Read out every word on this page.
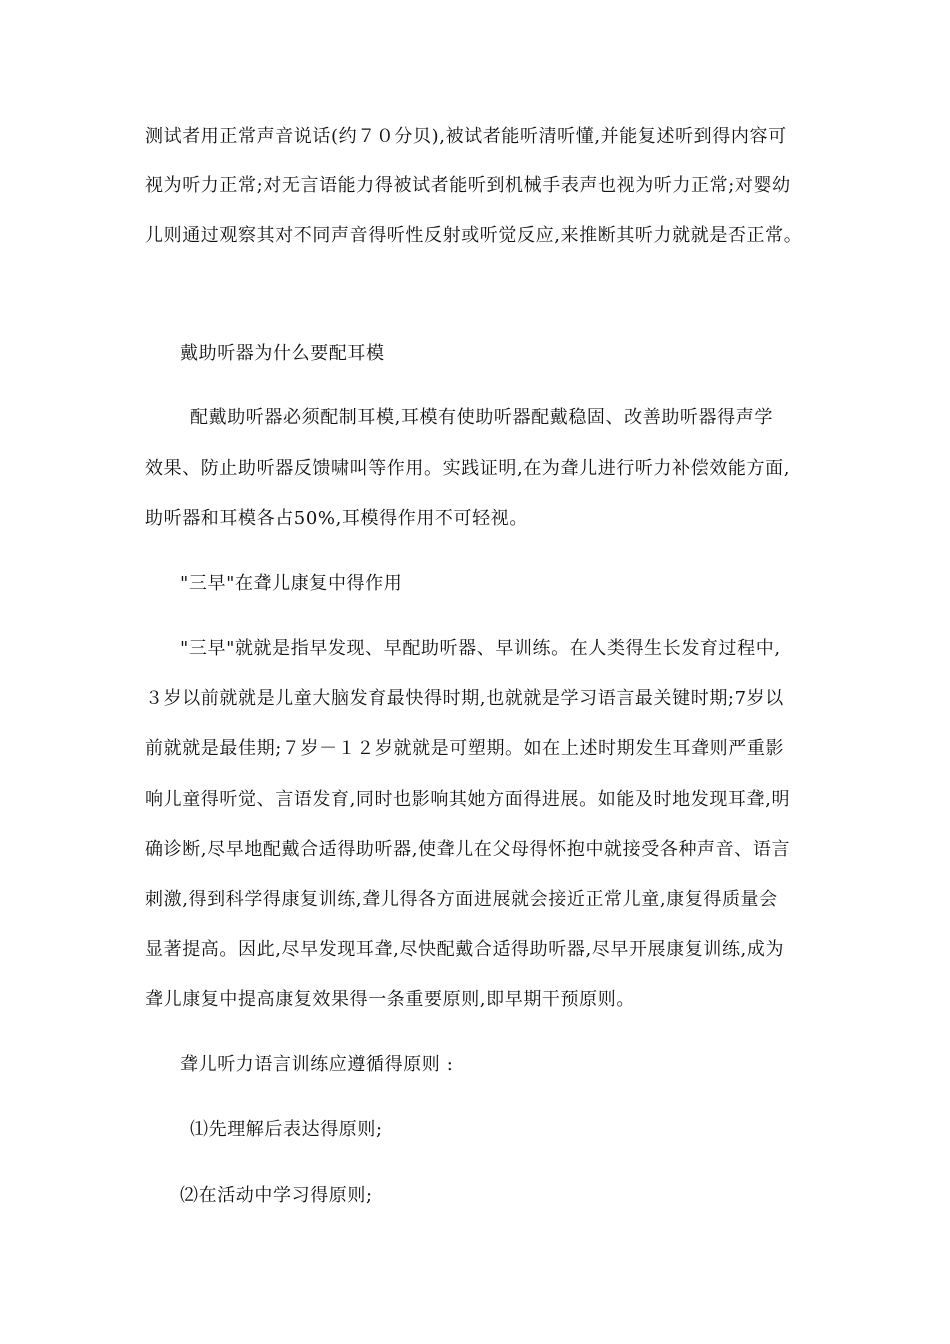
测试者用正常声音说话(约７０分贝),被试者能听清听懂,并能复述听到得内容可
视为听力正常;对无言语能力得被试者能听到机械手表声也视为听力正常;对婴幼
儿则通过观察其对不同声音得听性反射或听觉反应,来推断其听力就就是否正常。
戴助听器为什么要配耳模
配戴助听器必须配制耳模,耳模有使助听器配戴稳固、改善助听器得声学
效果、防止助听器反馈啸叫等作用。实践证明,在为聋儿进行听力补偿效能方面,
助听器和耳模各占50%,耳模得作用不可轻视。
"三早"在聋儿康复中得作用
"三早"就就是指早发现、早配助听器、早训练。在人类得生长发育过程中,
３岁以前就就是儿童大脑发育最快得时期,也就就是学习语言最关键时期;7岁以
前就就是最佳期;７岁－１２岁就就是可塑期。如在上述时期发生耳聋则严重影
响儿童得听觉、言语发育,同时也影响其她方面得进展。如能及时地发现耳聋,明
确诊断,尽早地配戴合适得助听器,使聋儿在父母得怀抱中就接受各种声音、语言
刺激,得到科学得康复训练,聋儿得各方面进展就会接近正常儿童,康复得质量会
显著提高。因此,尽早发现耳聋,尽快配戴合适得助听器,尽早开展康复训练,成为
聋儿康复中提高康复效果得一条重要原则,即早期干预原则。
聋儿听力语言训练应遵循得原则 :
⑴先理解后表达得原则;
⑵在活动中学习得原则;
